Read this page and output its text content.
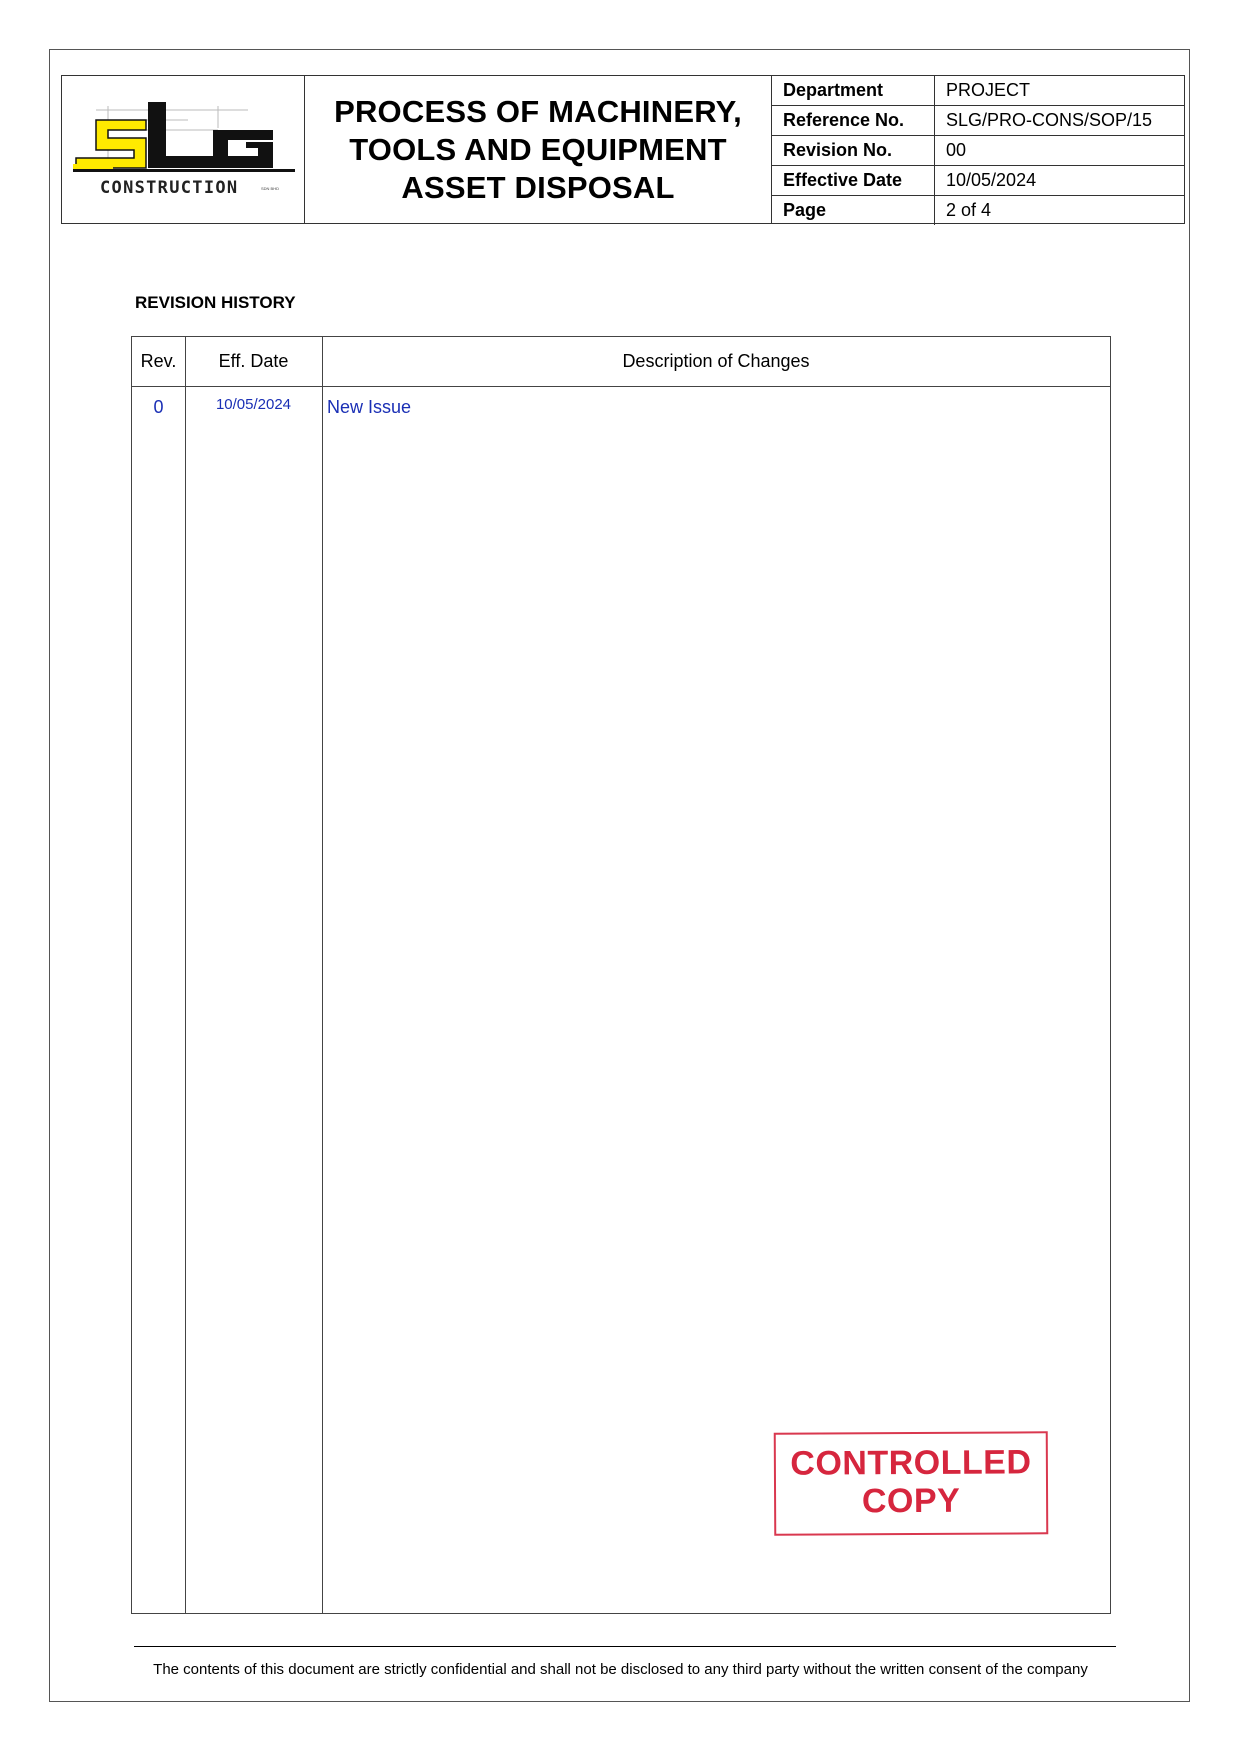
CONSTRUCTION	SDN BHD
PROCESS OF MACHINERY,
TOOLS AND EQUIPMENT
ASSET DISPOSAL
Department	PROJECT
Reference No.	SLG/PRO-CONS/SOP/15
Revision No.	00
Effective Date	10/05/2024
Page	2 of 4
REVISION HISTORY
Rev.	Eff. Date	Description of Changes
0	10/05/2024	New Issue
CONTROLLED
COPY
The contents of this document are strictly confidential and shall not be disclosed to any third party without the written consent of the company
